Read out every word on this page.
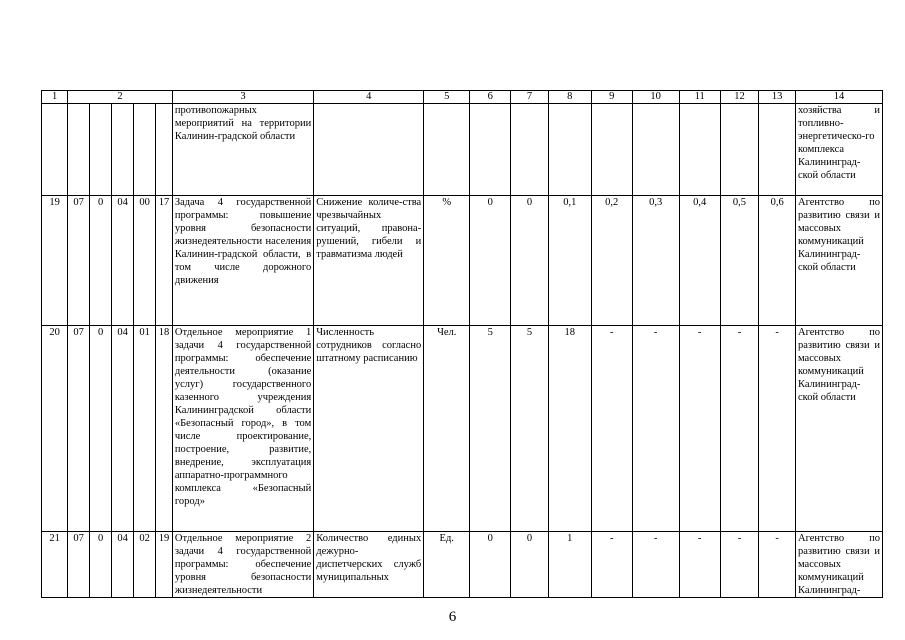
1	2					3	4	5	6	7	8	9	10	11	12	13	14
						противопожарных мероприятий на территории Калинин-градской области											хозяйства и топливно-энергетическо-го комплекса Калининград-ской области
19	07	0	04	00	17	Задача 4 государственной программы: повышение уровня безопасности жизнедеятельности населения Калинин-градской области, в том числе дорожного движения	Снижение количе-ства чрезвычайных ситуаций, правона-рушений, гибели и травматизма людей	%	0	0	0,1	0,2	0,3	0,4	0,5	0,6	Агентство по развитию связи и массовых коммуникаций Калининград-ской области
20	07	0	04	01	18	Отдельное мероприятие 1 задачи 4 государственной программы: обеспечение деятельности (оказание услуг) государственного казенного учреждения Калининградской области «Безопасный город», в том числе проектирование, построение, развитие, внедрение, эксплуатация аппаратно-программного комплекса «Безопасный город»	Численность сотрудников согласно штатному расписанию	Чел.	5	5	18	-	-	-	-	-	Агентство по развитию связи и массовых коммуникаций Калининград-ской области
21	07	0	04	02	19	Отдельное мероприятие 2 задачи 4 государственной программы: обеспечение уровня безопасности жизнедеятельности	Количество единых дежурно-диспетчерских служб муниципальных	Ед.	0	0	1	-	-	-	-	-	Агентство по развитию связи и массовых коммуникаций Калининград-
6
